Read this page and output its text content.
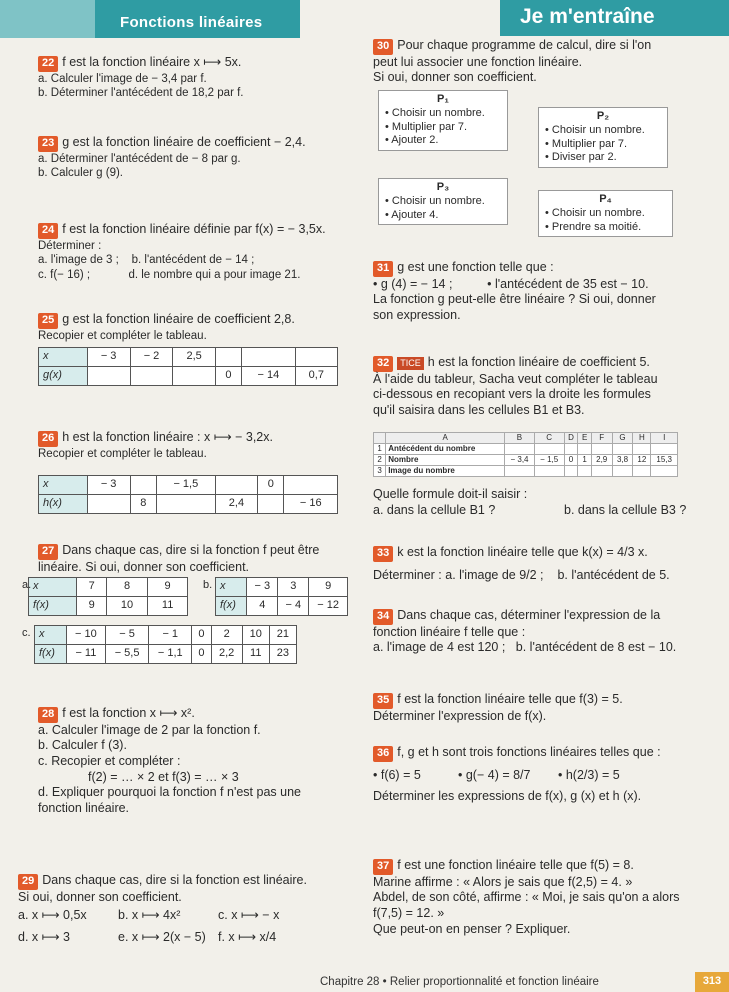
Fonctions linéaires	Je m'entraîne

22 f est la fonction linéaire x ⟼ 5x.

a. Calculer l'image de − 3,4 par f.

b. Déterminer l'antécédent de 18,2 par f.

23 g est la fonction linéaire de coefficient − 2,4.

a. Déterminer l'antécédent de − 8 par g.

b. Calculer g (9).

24 f est la fonction linéaire définie par f(x) = − 3,5x.

Déterminer :

a. l'image de 3 ; b. l'antécédent de − 14 ;

c. f(− 16) ;	d. le nombre qui a pour image 21.

25 g est la fonction linéaire de coefficient 2,8.

Recopier et compléter le tableau.

x	− 3	− 2	2,5			
g(x)				0	− 14	0,7

26 h est la fonction linéaire : x ⟼ − 3,2x.

Recopier et compléter le tableau.

x	− 3		− 1,5		0	
h(x)		8		2,4		− 16

27 Dans chaque cas, dire si la fonction f peut être

linéaire. Si oui, donner son coefficient.

a. x	7	8	9
f(x)	9	10	11
b. x	− 3	3	9
f(x)	4	− 4	− 12
c. x	− 10	− 5	− 1	0	2	10	21
f(x)	− 11	− 5,5	− 1,1	0	2,2	11	23

28 f est la fonction x ⟼ x².

a. Calculer l'image de 2 par la fonction f.

b. Calculer f (3).

c. Recopier et compléter :

f(2) = … × 2 et f(3) = … × 3

d. Expliquer pourquoi la fonction f n'est pas une

fonction linéaire.

29 Dans chaque cas, dire si la fonction est linéaire.

Si oui, donner son coefficient.

a. x ⟼ 0,5x	b. x ⟼ 4x²	c. x ⟼ − x

d. x ⟼ 3	e. x ⟼ 2(x − 5) f. x ⟼ x/4

30 Pour chaque programme de calcul, dire si l'on

peut lui associer une fonction linéaire.

Si oui, donner son coefficient.

P₁
• Choisir un nombre.
• Multiplier par 7.
• Ajouter 2.
P₂
• Choisir un nombre.
• Multiplier par 7.
• Diviser par 2.
P₃
• Choisir un nombre.
• Ajouter 4.
P₄
• Choisir un nombre.
• Prendre sa moitié.

31 g est une fonction telle que :

• g (4) = − 14 ;	• l'antécédent de 35 est − 10.

La fonction g peut-elle être linéaire ? Si oui, donner

son expression.

32 TICE h est la fonction linéaire de coefficient 5.

À l'aide du tableur, Sacha veut compléter le tableau

ci-dessous en recopiant vers la droite les formules

qu'il saisira dans les cellules B1 et B3.

	A	B	C	D	E	F	G	H	I
1	Antécédent du nombre								
2	Nombre	− 3,4	− 1,5	0	1	2,9	3,8	12	15,3
3	Image du nombre								

Quelle formule doit-il saisir :

a. dans la cellule B1 ?	b. dans la cellule B3 ?

33 k est la fonction linéaire telle que k(x) = 4/3 x.

Déterminer : a. l'image de 9/2 ; b. l'antécédent de 5.

34 Dans chaque cas, déterminer l'expression de la

fonction linéaire f telle que :

a. l'image de 4 est 120 ; b. l'antécédent de 8 est − 10.

35 f est la fonction linéaire telle que f(3) = 5.

Déterminer l'expression de f(x).

36 f, g et h sont trois fonctions linéaires telles que :

• f(6) = 5	• g(− 4) = 8/7	• h(2/3) = 5

Déterminer les expressions de f(x), g (x) et h (x).

37 f est une fonction linéaire telle que f(5) = 8.

Marine affirme : « Alors je sais que f(2,5) = 4. »

Abdel, de son côté, affirme : « Moi, je sais qu'on a alors

f(7,5) = 12. »

Que peut-on en penser ? Expliquer.

Chapitre 28 • Relier proportionnalité et fonction linéaire	313
